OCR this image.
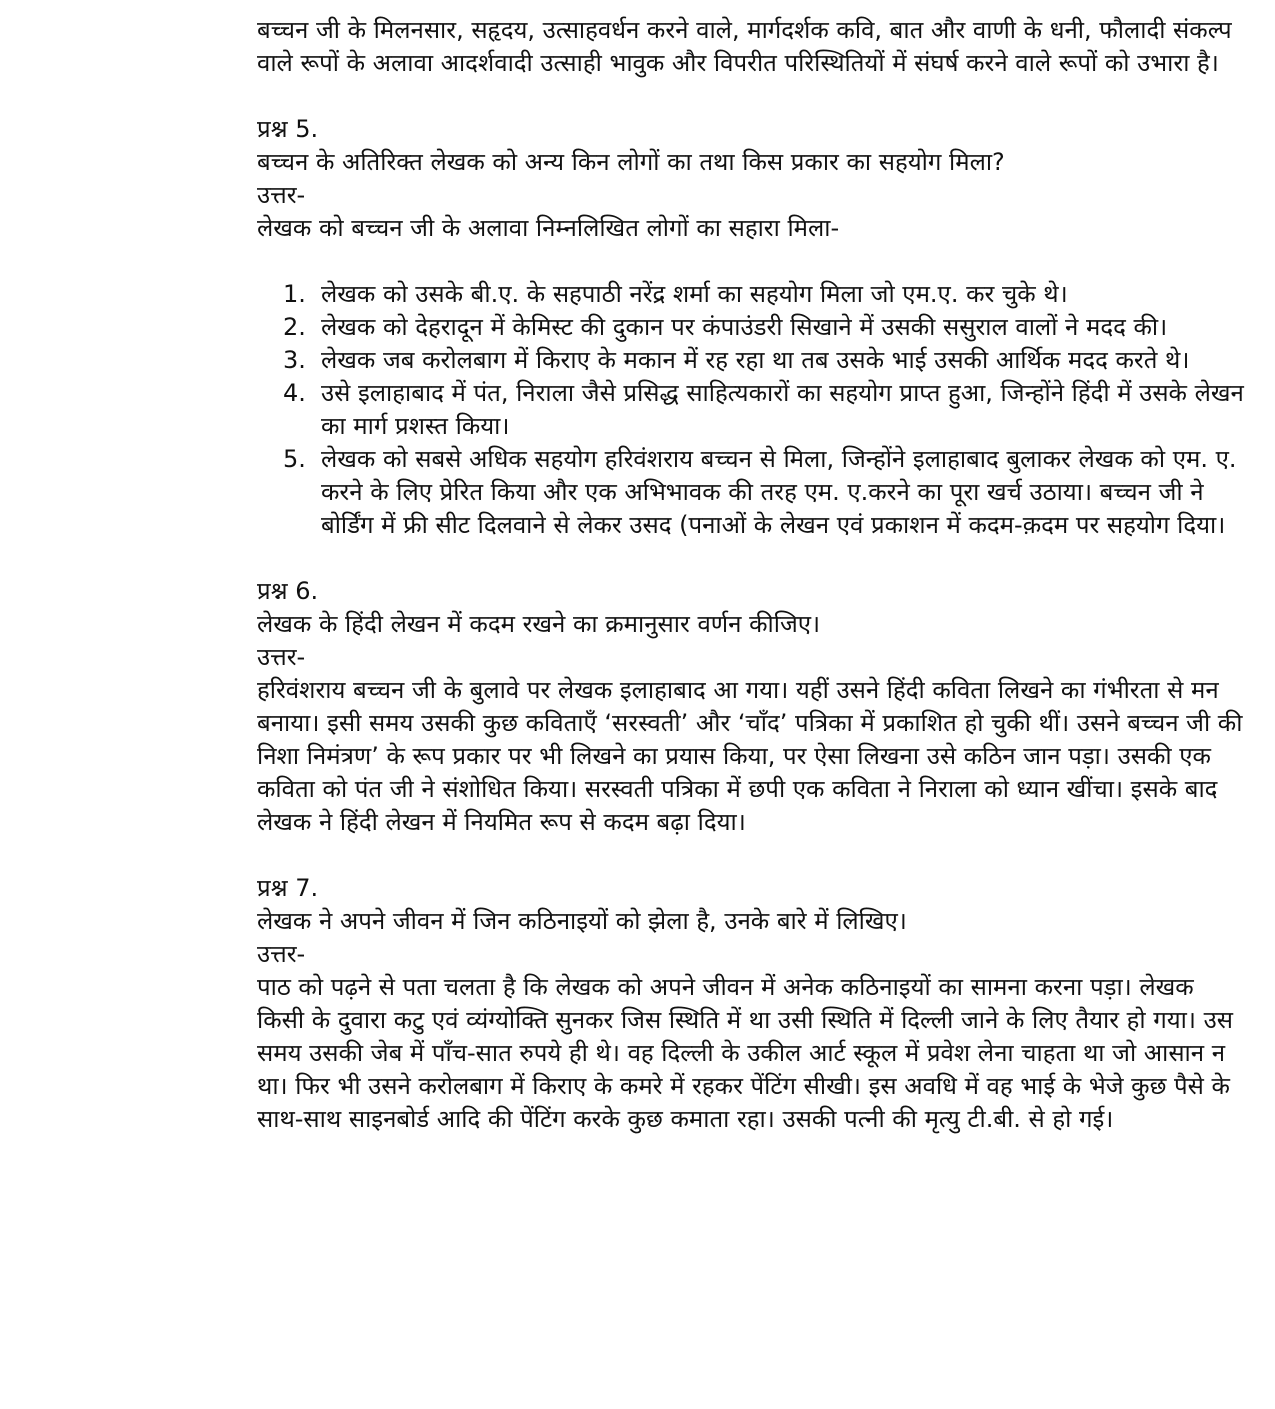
बच्चन जी के मिलनसार, सहृदय, उत्साहवर्धन करने वाले, मार्गदर्शक कवि, बात और वाणी के धनी, फौलादी संकल्प वाले रूपों के अलावा आदर्शवादी उत्साही भावुक और विपरीत परिस्थितियों में संघर्ष करने वाले रूपों को उभारा है।

प्रश्न 5.

बच्चन के अतिरिक्त लेखक को अन्य किन लोगों का तथा किस प्रकार का सहयोग मिला?

उत्तर-

लेखक को बच्चन जी के अलावा निम्नलिखित लोगों का सहारा मिला-

1. लेखक को उसके बी.ए. के सहपाठी नरेंद्र शर्मा का सहयोग मिला जो एम.ए. कर चुके थे।
2. लेखक को देहरादून में केमिस्ट की दुकान पर कंपाउंडरी सिखाने में उसकी ससुराल वालों ने मदद की।
3. लेखक जब करोलबाग में किराए के मकान में रह रहा था तब उसके भाई उसकी आर्थिक मदद करते थे।
4. उसे इलाहाबाद में पंत, निराला जैसे प्रसिद्ध साहित्यकारों का सहयोग प्राप्त हुआ, जिन्होंने हिंदी में उसके लेखन का मार्ग प्रशस्त किया।
5. लेखक को सबसे अधिक सहयोग हरिवंशराय बच्चन से मिला, जिन्होंने इलाहाबाद बुलाकर लेखक को एम. ए. करने के लिए प्रेरित किया और एक अभिभावक की तरह एम. ए.करने का पूरा खर्च उठाया। बच्चन जी ने बोर्डिंग में फ्री सीट दिलवाने से लेकर उसद (पनाओं के लेखन एवं प्रकाशन में कदम-क़दम पर सहयोग दिया।

प्रश्न 6.

लेखक के हिंदी लेखन में कदम रखने का क्रमानुसार वर्णन कीजिए।

उत्तर-

हरिवंशराय बच्चन जी के बुलावे पर लेखक इलाहाबाद आ गया। यहीं उसने हिंदी कविता लिखने का गंभीरता से मन बनाया। इसी समय उसकी कुछ कविताएँ ‘सरस्वती’ और ‘चाँद’ पत्रिका में प्रकाशित हो चुकी थीं। उसने बच्चन जी की निशा निमंत्रण’ के रूप प्रकार पर भी लिखने का प्रयास किया, पर ऐसा लिखना उसे कठिन जान पड़ा। उसकी एक कविता को पंत जी ने संशोधित किया। सरस्वती पत्रिका में छपी एक कविता ने निराला को ध्यान खींचा। इसके बाद लेखक ने हिंदी लेखन में नियमित रूप से कदम बढ़ा दिया।

प्रश्न 7.

लेखक ने अपने जीवन में जिन कठिनाइयों को झेला है, उनके बारे में लिखिए।

उत्तर-

पाठ को पढ़ने से पता चलता है कि लेखक को अपने जीवन में अनेक कठिनाइयों का सामना करना पड़ा। लेखक किसी के दुवारा कटु एवं व्यंग्योक्ति सुनकर जिस स्थिति में था उसी स्थिति में दिल्ली जाने के लिए तैयार हो गया। उस समय उसकी जेब में पाँच-सात रुपये ही थे। वह दिल्ली के उकील आर्ट स्कूल में प्रवेश लेना चाहता था जो आसान न था। फिर भी उसने करोलबाग में किराए के कमरे में रहकर पेंटिंग सीखी। इस अवधि में वह भाई के भेजे कुछ पैसे के साथ-साथ साइनबोर्ड आदि की पेंटिंग करके कुछ कमाता रहा। उसकी पत्नी की मृत्यु टी.बी. से हो गई।
